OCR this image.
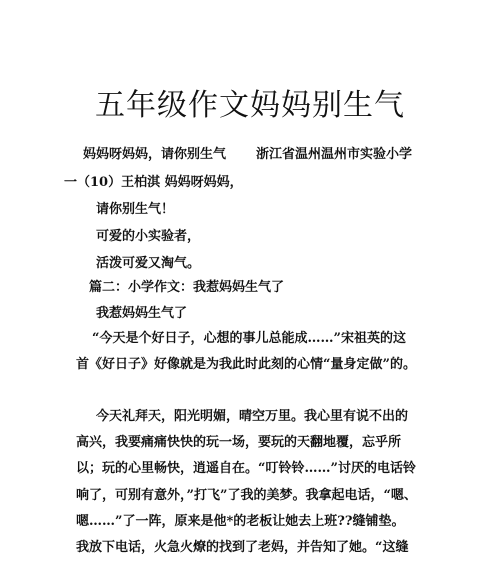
五年级作文妈妈别生气

妈妈呀妈妈，请你别生气 浙江省温州温州市实验小学

一（10）王柏淇 妈妈呀妈妈，

请你别生气！

可爱的小实验者，

活泼可爱又淘气。

篇二：小学作文：我惹妈妈生气了

我惹妈妈生气了

“今天是个好日子，心想的事儿总能成……”宋祖英的这

首《好日子》好像就是为我此时此刻的心情“量身定做”的。

今天礼拜天，阳光明媚，晴空万里。我心里有说不出的

高兴，我要痛痛快快的玩一场，要玩的天翻地覆，忘乎所

以；玩的心里畅快，逍遥自在。“叮铃铃……”讨厌的电话铃

响了，可别有意外，”打飞”了我的美梦。我拿起电话，“嗯、

嗯……”了一阵，原来是他*的老板让她去上班??缝铺垫。

我放下电话，火急火燎的找到了老妈，并告知了她。“这缝
